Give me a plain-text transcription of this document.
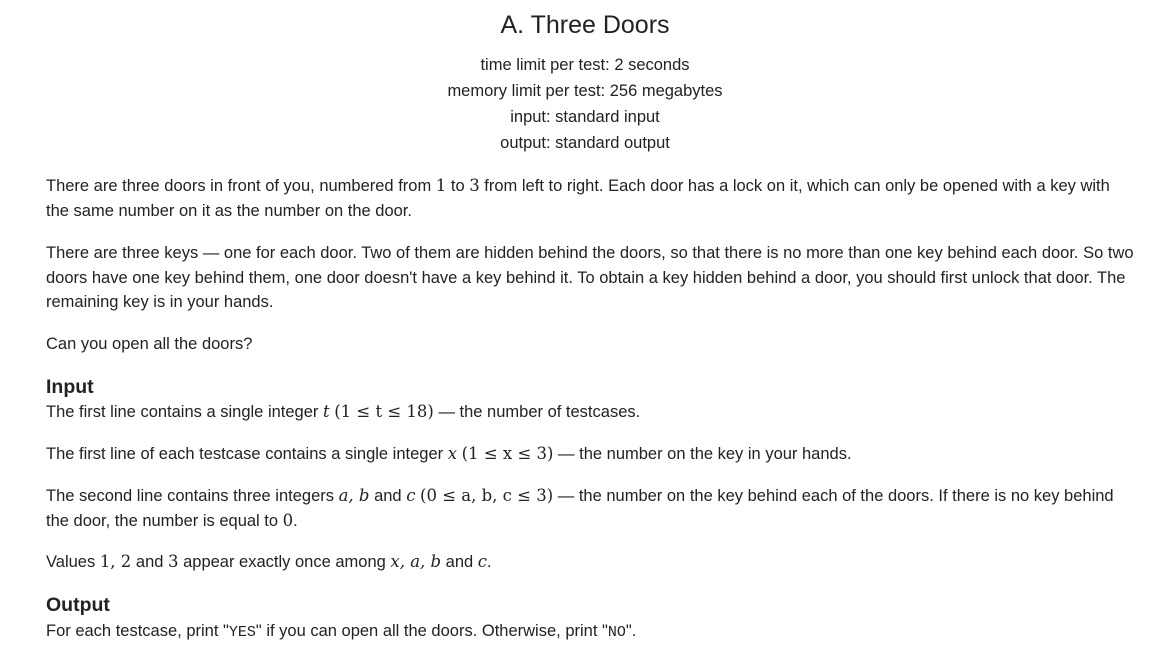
A. Three Doors
time limit per test: 2 seconds
memory limit per test: 256 megabytes
input: standard input
output: standard output
There are three doors in front of you, numbered from 1 to 3 from left to right. Each door has a lock on it, which can only be opened with a key with the same number on it as the number on the door.
There are three keys — one for each door. Two of them are hidden behind the doors, so that there is no more than one key behind each door. So two doors have one key behind them, one door doesn't have a key behind it. To obtain a key hidden behind a door, you should first unlock that door. The remaining key is in your hands.
Can you open all the doors?
Input
The first line contains a single integer t (1 ≤ t ≤ 18) — the number of testcases.
The first line of each testcase contains a single integer x (1 ≤ x ≤ 3) — the number on the key in your hands.
The second line contains three integers a, b and c (0 ≤ a, b, c ≤ 3) — the number on the key behind each of the doors. If there is no key behind the door, the number is equal to 0.
Values 1, 2 and 3 appear exactly once among x, a, b and c.
Output
For each testcase, print "YES" if you can open all the doors. Otherwise, print "NO".
